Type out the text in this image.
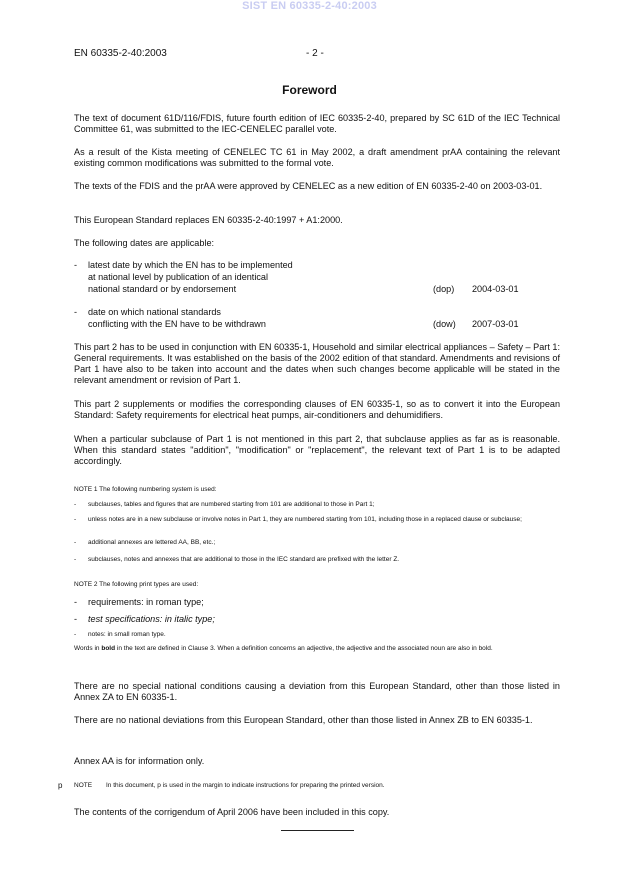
SIST EN 60335-2-40:2003
EN 60335-2-40:2003	- 2 -
Foreword

The text of document 61D/116/FDIS, future fourth edition of IEC 60335-2-40, prepared by SC 61D of the IEC Technical Committee 61, was submitted to the IEC-CENELEC parallel vote.

As a result of the Kista meeting of CENELEC TC 61 in May 2002, a draft amendment prAA containing the relevant existing common modifications was submitted to the formal vote.

The texts of the FDIS and the prAA were approved by CENELEC as a new edition of EN 60335-2-40 on 2003-03-01.

This European Standard replaces EN 60335-2-40:1997 + A1:2000.

The following dates are applicable:

- latest date by which the EN has to be implemented
at national level by publication of an identical
national standard or by endorsement	(dop) 2004-03-01
- date on which national standards
conflicting with the EN have to be withdrawn	(dow) 2007-03-01

This part 2 has to be used in conjunction with EN 60335-1, Household and similar electrical appliances – Safety – Part 1: General requirements. It was established on the basis of the 2002 edition of that standard. Amendments and revisions of Part 1 have also to be taken into account and the dates when such changes become applicable will be stated in the relevant amendment or revision of Part 1.

This part 2 supplements or modifies the corresponding clauses of EN 60335-1, so as to convert it into the European Standard: Safety requirements for electrical heat pumps, air-conditioners and dehumidifiers.

When a particular subclause of Part 1 is not mentioned in this part 2, that subclause applies as far as is reasonable. When this standard states "addition", "modification" or "replacement", the relevant text of Part 1 is to be adapted accordingly.

NOTE 1 The following numbering system is used:
- subclauses, tables and figures that are numbered starting from 101 are additional to those in Part 1;
- unless notes are in a new subclause or involve notes in Part 1, they are numbered starting from 101, including those in a replaced clause or subclause;
- additional annexes are lettered AA, BB, etc.;
- subclauses, notes and annexes that are additional to those in the IEC standard are prefixed with the letter Z.
NOTE 2 The following print types are used:
- requirements: in roman type;
- test specifications: in italic type;
- notes: in small roman type.
Words in bold in the text are defined in Clause 3. When a definition concerns an adjective, the adjective and the associated noun are also in bold.

There are no special national conditions causing a deviation from this European Standard, other than those listed in Annex ZA to EN 60335-1.

There are no national deviations from this European Standard, other than those listed in Annex ZB to EN 60335-1.

Annex AA is for information only.

p NOTE In this document, p is used in the margin to indicate instructions for preparing the printed version.

The contents of the corrigendum of April 2006 have been included in this copy.
